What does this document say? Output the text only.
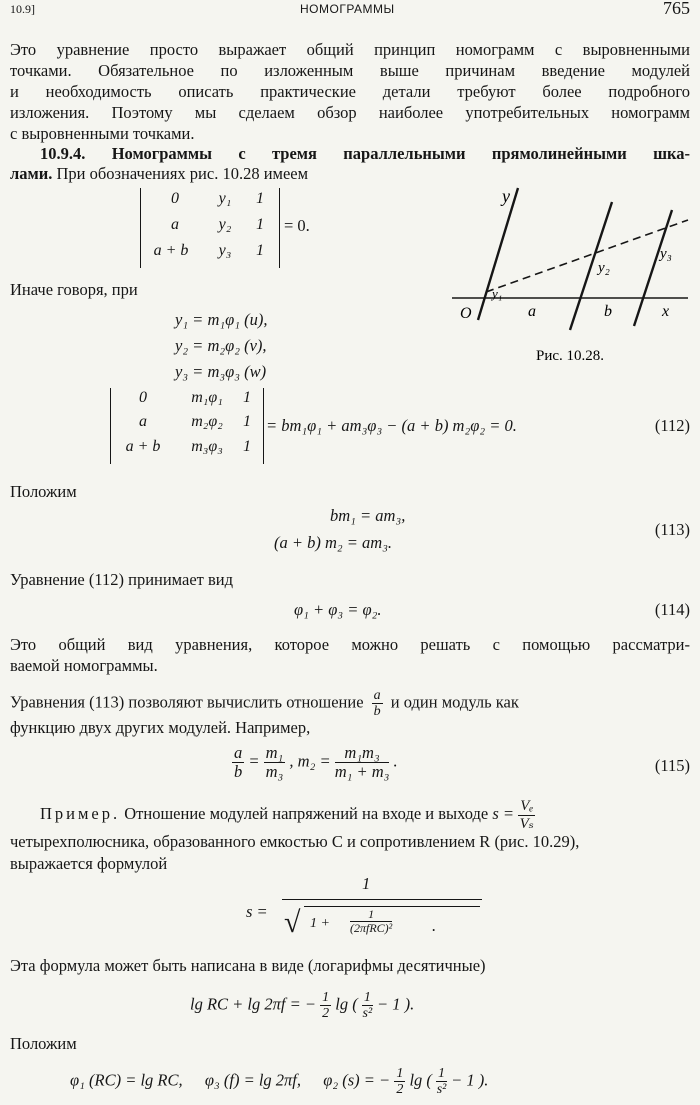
10.9]	НОМОГРАММЫ	765
Это уравнение просто выражает общий принцип номограмм с выровненными
точками. Обязательное по изложенным выше причинам введение модулей
и необходимость описать практические детали требуют более подробного
изложения. Поэтому мы сделаем обзор наиболее употребительных номограмм
с выровненными точками.
10.9.4. Номограммы с тремя параллельными прямолинейными шка-
лами. При обозначениях рис. 10.28 имеем
0	y₁	1
a	y₂	1
a + b	y₃	1
= 0.
y
y₁
y₂
y₃
O	a	b	x
Рис. 10.28.
Иначе говоря, при
y₁ = m₁φ₁ (u),
y₂ = m₂φ₂ (v),
y₃ = m₃φ₃ (w)
0	m₁φ₁	1
a	m₂φ₂	1
a + b	m₃φ₃	1
= bm₁φ₁ + am₃φ₃ − (a + b) m₂φ₂ = 0.	(112)
Положим
bm₁ = am₃,
(a + b) m₂ = am₃.
(113)
Уравнение (112) принимает вид
φ₁ + φ₃ = φ₂.	(114)
Это общий вид уравнения, которое можно решать с помощью рассматри-
ваемой номограммы.
Уравнения (113) позволяют вычислить отношение $\frac{a}{b}$ и один модуль как
функцию двух других модулей. Например,
$\frac{a}{b} = \frac{\text{m₁}}{\text{m₃}}$ , $m_2 = \frac{\text{m₁m₃}}{\text{m₁ + m₃}}$ .	(115)
Пример. Отношение модулей напряжений на входе и выходе $s = \frac{\text{Vₑ}}{\text{Vₛ}}$
четырехполюсника, образованного емкостью C и сопротивлением R (рис. 10.29),
выражается формулой
s =
1
√ 1 +
1
(2πfRC)² .
Эта формула может быть написана в виде (логарифмы десятичные)
lg RC + lg 2πf = − $\frac{1}{2}$ lg ( $\frac{1}{\text{s²}} - 1$ ).
Положим
φ₁ (RC) = lg RC, φ₃ (f) = lg 2πf, φ₂ (s) = − $\frac{1}{2}$ lg ( $\frac{1}{\text{s²}} - 1$ ).
